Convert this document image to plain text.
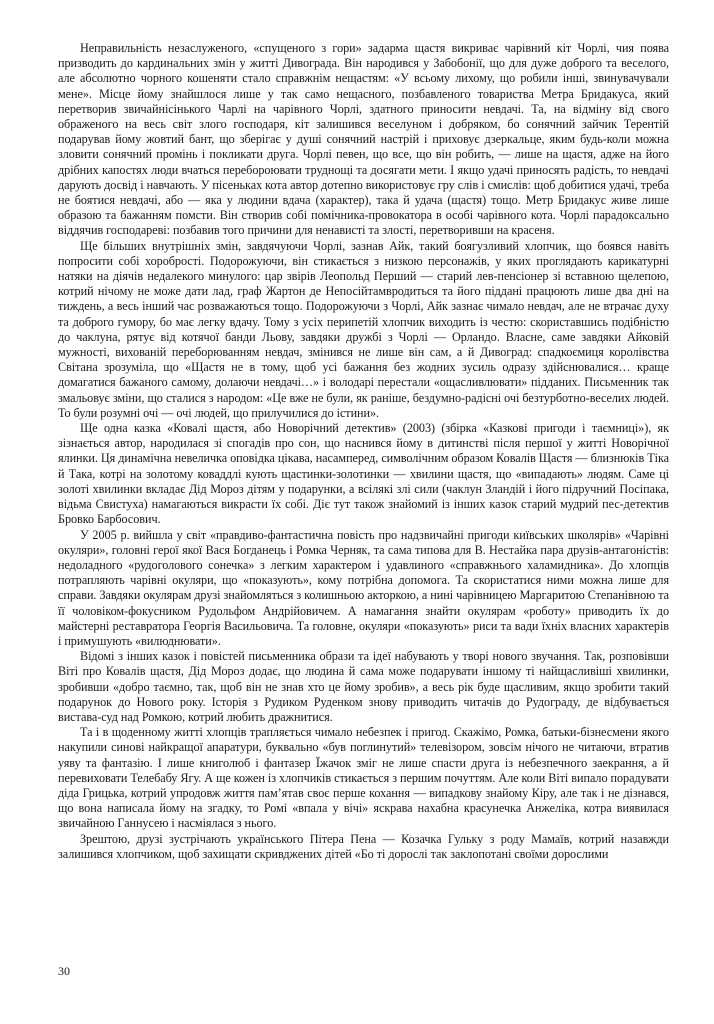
Неправильність незаслуженого, «спущеного з гори» задарма щастя викриває чарівний кіт Чорлі, чия поява призводить до кардинальних змін у житті Дивограда. Він народився у Забобонії, що для дуже доброго та веселого, але абсолютно чорного кошеняти стало справжнім нещастям: «У всьому лихому, що робили інші, звинувачували мене». Місце йому знайшлося лише у так само нещасного, позбавленого товариства Метра Бридакуса, який перетворив звичайнісінького Чарлі на чарівного Чорлі, здатного приносити невдачі. Та, на відміну від свого ображеного на весь світ злого господаря, кіт залишився веселуном і добряком, бо сонячний зайчик Терентій подарував йому жовтий бант, що зберігає у душі сонячний настрій і приховує дзеркальце, яким будь-коли можна зловити сонячний промінь і покликати друга. Чорлі певен, що все, що він робить, — лише на щастя, адже на його дрібних капостях люди вчаться перебороювати труднощі та досягати мети. І якщо удачі приносять радість, то невдачі дарують досвід і навчають. У пісеньках кота автор дотепно використовує гру слів і смислів: щоб добитися удачі, треба не боятися невдачі, або — яка у людини вдача (характер), така й удача (щастя) тощо. Метр Бридакус живе лише образою та бажанням помсти. Він створив собі помічника-провокатора в особі чарівного кота. Чорлі парадоксально віддячив господареві: позбавив того причини для ненависті та злості, перетворивши на красеня.

Ще більших внутрішніх змін, завдячуючи Чорлі, зазнав Айк, такий боягузливий хлопчик, що боявся навіть попросити собі хоробрості. Подорожуючи, він стикається з низкою персонажів, у яких проглядають карикатурні натяки на діячів недалекого минулого: цар звірів Леопольд Перший — старий лев-пенсіонер зі вставною щелепою, котрий нічому не може дати лад, граф Жартон де Непосійтамвродиться та його піддані працюють лише два дні на тиждень, а весь інший час розважаються тощо. Подорожуючи з Чорлі, Айк зазнає чимало невдач, але не втрачає духу та доброго гумору, бо має легку вдачу. Тому з усіх перипетій хлопчик виходить із честю: скориставшись подібністю до чаклуна, рятує від котячої банди Льову, завдяки дружбі з Чорлі — Орландо. Власне, саме завдяки Айковій мужності, вихованій переборюванням невдач, змінився не лише він сам, а й Дивоград: спадкоємиця королівства Світана зрозуміла, що «Щастя не в тому, щоб усі бажання без жодних зусиль одразу здійснювалися… краще домагатися бажаного самому, долаючи невдачі…» і володарі перестали «ощасливлювати» підданих. Письменник так змальовує зміни, що сталися з народом: «Це вже не були, як раніше, бездумно-радісні очі безтурботно-веселих людей. То були розумні очі — очі людей, що прилучилися до істини».

Ще одна казка «Ковалі щастя, або Новорічний детектив» (2003) (збірка «Казкові пригоди і таємниці»), як зізнається автор, народилася зі спогадів про сон, що наснився йому в дитинстві після першої у житті Новорічної ялинки. Ця динамічна невеличка оповідка цікава, насамперед, символічним образом Ковалів Щастя — близнюків Тіка й Така, котрі на золотому коваддлі кують щастинки-золотинки — хвилини щастя, що «випадають» людям. Саме ці золоті хвилинки вкладає Дід Мороз дітям у подарунки, а всілякі злі сили (чаклун Зландій і його підручний Посіпака, відьма Свистуха) намагаються викрасти їх собі. Діє тут також знайомий із інших казок старий мудрий пес-детектив Бровко Барбосович.

У 2005 р. вийшла у світ «правдиво-фантастична повість про надзвичайні пригоди київських школярів» «Чарівні окуляри», головні герої якої Вася Богданець і Ромка Черняк, та сама типова для В. Нестайка пара друзів-антагоністів: недоладного «рудоголового сонечка» з легким характером і удавлиного «справжнього халамидника». До хлопців потрапляють чарівні окуляри, що «показують», кому потрібна допомога. Та скористатися ними можна лише для справи. Завдяки окулярам друзі знайомляться з колишньою акторкою, а нині чарівницею Маргаритою Степанівною та її чоловіком-фокусником Рудольфом Андрійовичем. А намагання знайти окулярам «роботу» приводить їх до майстерні реставратора Георгія Васильовича. Та головне, окуляри «показують» риси та вади їхніх власних характерів і примушують «вилюднювати».

Відомі з інших казок і повістей письменника образи та ідеї набувають у творі нового звучання. Так, розповівши Віті про Ковалів щастя, Дід Мороз додає, що людина й сама може подарувати іншому ті найщасливіші хвилинки, зробивши «добро таємно, так, щоб він не знав хто це йому зробив», а весь рік буде щасливим, якщо зробити такий подарунок до Нового року. Історія з Рудиком Руденком знову приводить читачів до Рудограду, де відбувається вистава-суд над Ромкою, котрий любить дражнитися.

Та і в щоденному житті хлопців трапляється чимало небезпек і пригод. Скажімо, Ромка, батьки-бізнесмени якого накупили синові найкращої апаратури, буквально «був поглинутий» телевізором, зовсім нічого не читаючи, втратив уяву та фантазію. І лише книголюб і фантазер Їжачок зміг не лише спасти друга із небезпечного заекрання, а й перевиховати Телебабу Ягу. А ще кожен із хлопчиків стикається з першим почуттям. Але коли Віті випало порадувати діда Грицька, котрий упродовж життя пам’ятав своє перше кохання — випадкову знайому Кіру, але так і не дізнався, що вона написала йому на згадку, то Ромі «впала у вічі» яскрава нахабна красунечка Анжеліка, котра виявилася звичайною Ганнусею і насміялася з нього.

Зрештою, друзі зустрічають українського Пітера Пена — Козачка Гульку з роду Мамаїв, котрий назавжди залишився хлопчиком, щоб захищати скривджених дітей «Бо ті дорослі так заклопотані своїми дорослими

30
